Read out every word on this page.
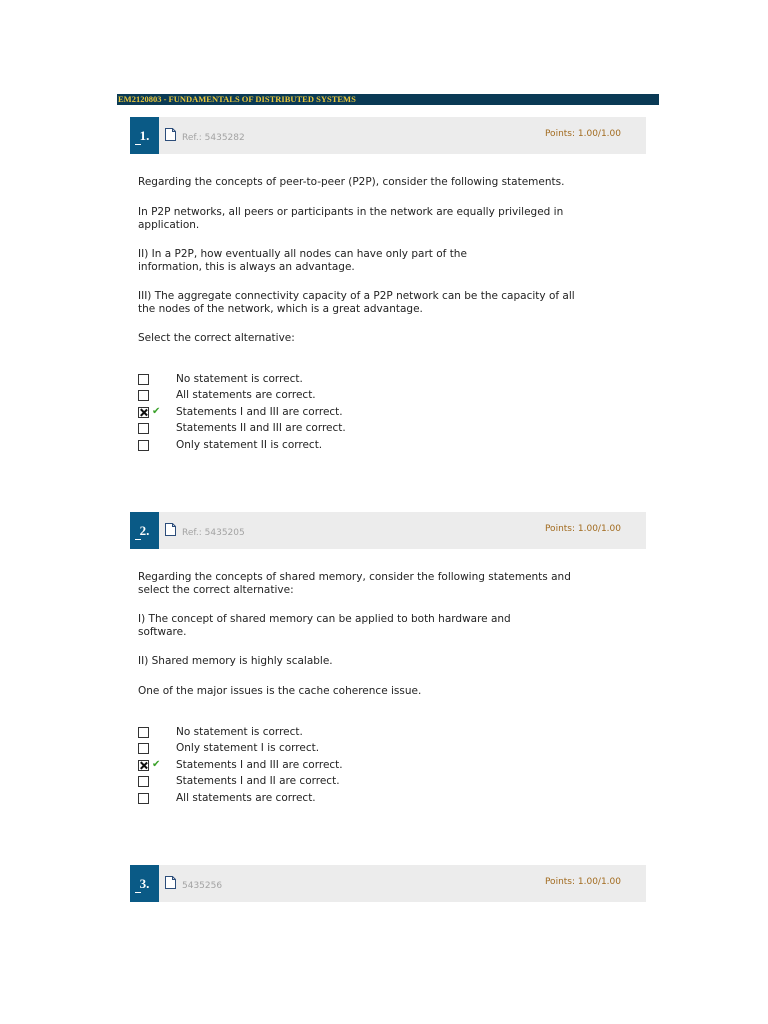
EM2120803 - FUNDAMENTALS OF DISTRIBUTED SYSTEMS
1.	Ref.: 5435282	Points: 1.00/1.00

Regarding the concepts of peer-to-peer (P2P), consider the following statements.

In P2P networks, all peers or participants in the network are equally privileged in application.

II) In a P2P, how eventually all nodes can have only part of the information, this is always an advantage.

III) The aggregate connectivity capacity of a P2P network can be the capacity of all the nodes of the network, which is a great advantage.

Select the correct alternative:

No statement is correct.
All statements are correct.
✔ Statements I and III are correct.
Statements II and III are correct.
Only statement II is correct.
2.	Ref.: 5435205	Points: 1.00/1.00

Regarding the concepts of shared memory, consider the following statements and select the correct alternative:

I) The concept of shared memory can be applied to both hardware and software.

II) Shared memory is highly scalable.

One of the major issues is the cache coherence issue.

No statement is correct.
Only statement I is correct.
✔ Statements I and III are correct.
Statements I and II are correct.
All statements are correct.
3.	5435256	Points: 1.00/1.00
